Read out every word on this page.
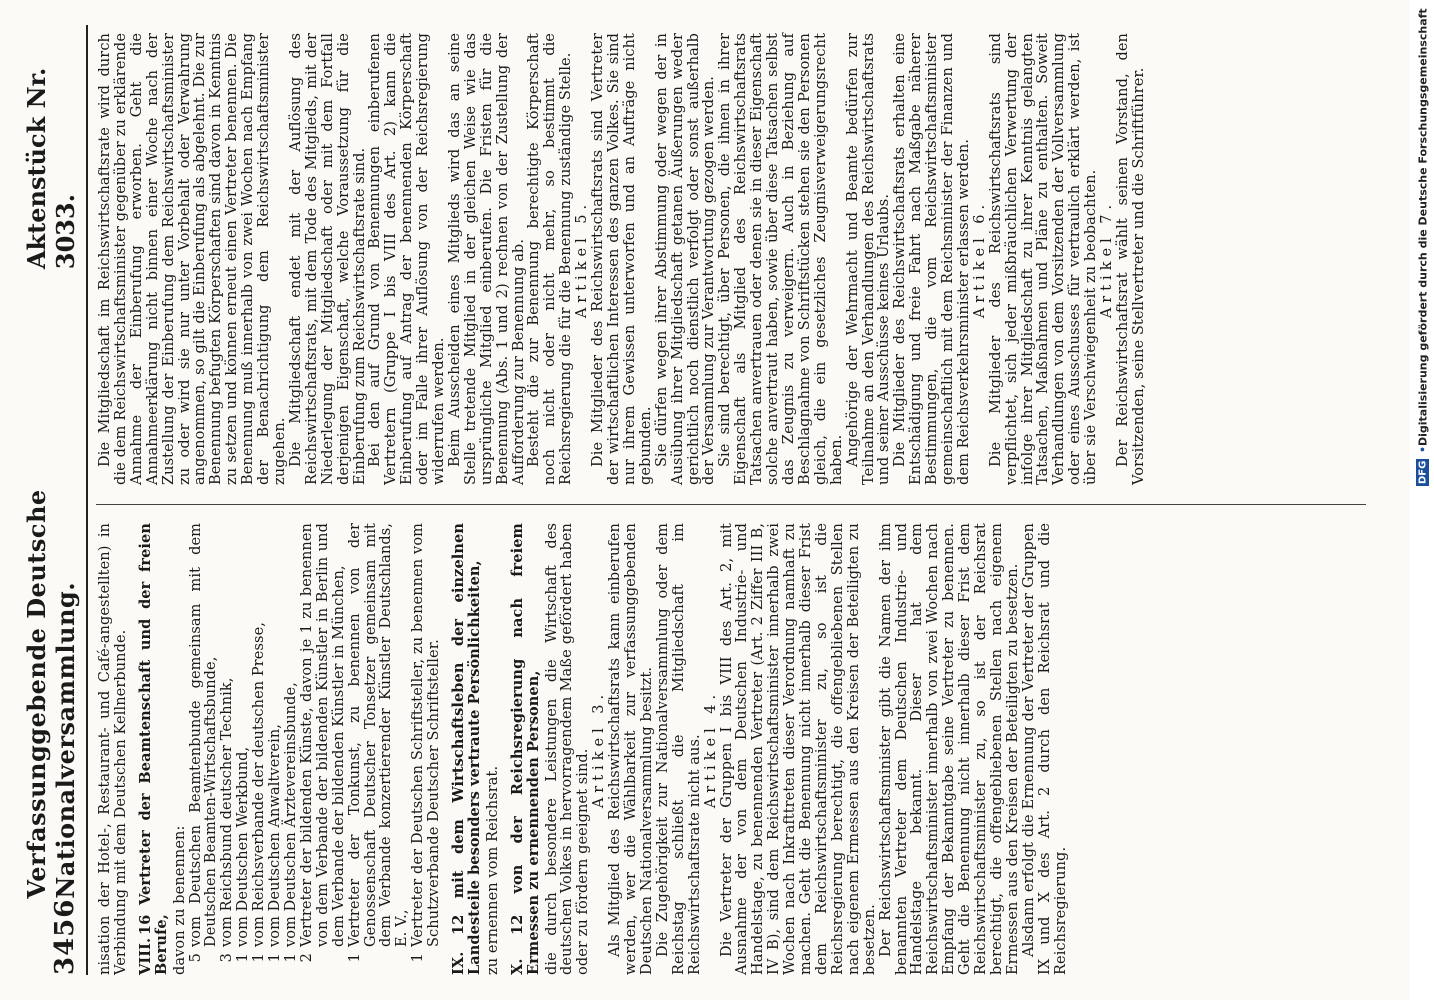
3456
Verfassunggebende Deutsche Nationalversammlung.
Aktenstück Nr. 3033.

nisation der Hotel-, Restaurant- und Café-angestellten) in Verbindung mit dem Deutschen Kellnerbunde. VIII.16 Vertreter der Beamtenschaft und der freien Berufe, davon zu benennen: 5
vom Deutschen Beamtenbunde gemeinsam mit dem Deutschen Beamten-Wirtschaftsbunde,
3
vom Reichsbund deutscher Technik,
1
vom Deutschen Werkbund,
1
vom Reichsverbande der deutschen Presse,
1
vom Deutschen Anwaltverein,
1
vom Deutschen Ärztevereinsbunde,
2
Vertreter der bildenden Künste, davon je 1 zu benennen von dem Verbande der bildenden Künstler in Berlin und dem Verbande der bildenden Künstler in München,
1
Vertreter der Tonkunst, zu benennen von der Genossenschaft Deutscher Tonsetzer gemeinsam mit dem Verbande konzertierender Künstler Deutschlands, E. V.,
1
Vertreter der Deutschen Schriftsteller, zu benennen vom Schutzverbande Deutscher Schriftsteller.

IX.12 mit dem Wirtschaftsleben der einzelnen Landesteile besonders vertraute Persönlichkeiten, zu ernennen vom Reichsrat. X.12 von der Reichsregierung nach freiem Ermessen zu ernennenden Personen, die durch besondere Leistungen die Wirtschaft des deutschen Volkes in hervorragendem Maße gefördert haben oder zu fördern geeignet sind. Artikel 3. Als Mitglied des Reichswirtschaftsrats kann einberufen werden, wer die Wählbarkeit zur verfassunggebenden Deutschen Nationalversammlung besitzt. Die Zugehörigkeit zur Nationalversammlung oder dem Reichstag schließt die Mitgliedschaft im Reichswirtschaftsrate nicht aus. Artikel 4. Die Vertreter der Gruppen I bis VIII des Art. 2, mit Ausnahme der von dem Deutschen Industrie- und Handelstage, zu benennenden Vertreter (Art. 2 Ziffer III B, IV B), sind dem Reichswirtschaftsminister innerhalb zwei Wochen nach Inkrafttreten dieser Verordnung namhaft zu machen. Geht die Benennung nicht innerhalb dieser Frist dem Reichswirtschaftsminister zu, so ist die Reichsregierung berechtigt, die offengebliebenen Stellen nach eigenem Ermessen aus den Kreisen der Beteiligten zu besetzen. Der Reichswirtschaftsminister gibt die Namen der ihm benannten Vertreter dem Deutschen Industrie- und Handelstage bekannt. Dieser hat dem Reichswirtschaftsminister innerhalb von zwei Wochen nach Empfang der Bekanntgabe seine Vertreter zu benennen. Geht die Benennung nicht innerhalb dieser Frist dem Reichswirtschaftsminister zu, so ist der Reichsrat berechtigt, die offengebliebenen Stellen nach eigenem Ermessen aus den Kreisen der Beteiligten zu besetzen. Alsdann erfolgt die Ernennung der Vertreter der Gruppen IX und X des Art. 2 durch den Reichsrat und die Reichsregierung.

Die Mitgliedschaft im Reichswirtschaftsrate wird durch die dem Reichswirtschaftsminister gegenüber zu erklärende Annahme der Einberufung erworben. Geht die Annahmeerklärung nicht binnen einer Woche nach der Zustellung der Einberufung dem Reichswirtschaftsminister zu oder wird sie nur unter Vorbehalt oder Verwahrung angenommen, so gilt die Einberufung als abgelehnt. Die zur Benennung befugten Körperschaften sind davon in Kenntnis zu setzen und können erneut einen Vertreter benennen. Die Benennung muß innerhalb von zwei Wochen nach Empfang der Benachrichtigung dem Reichswirtschaftsminister zugehen. Die Mitgliedschaft endet mit der Auflösung des Reichswirtschaftsrats, mit dem Tode des Mitglieds, mit der Niederlegung der Mitgliedschaft oder mit dem Fortfall derjenigen Eigenschaft, welche Voraussetzung für die Einberufung zum Reichswirtschaftsrate sind. Bei den auf Grund von Benennungen einberufenen Vertretern (Gruppe I bis VIII des Art. 2) kann die Einberufung auf Antrag der benennenden Körperschaft oder im Falle ihrer Auflösung von der Reichsregierung widerrufen werden. Beim Ausscheiden eines Mitglieds wird das an seine Stelle tretende Mitglied in der gleichen Weise wie das ursprüngliche Mitglied einberufen. Die Fristen für die Benennung (Abs. 1 und 2) rechnen von der Zustellung der Aufforderung zur Benennung ab. Besteht die zur Benennung berechtigte Körperschaft noch nicht oder nicht mehr, so bestimmt die Reichsregierung die für die Benennung zuständige Stelle. Artikel 5. Die Mitglieder des Reichswirtschaftsrats sind Vertreter der wirtschaftlichen Interessen des ganzen Volkes. Sie sind nur ihrem Gewissen unterworfen und an Aufträge nicht gebunden. Sie dürfen wegen ihrer Abstimmung oder wegen der in Ausübung ihrer Mitgliedschaft getanen Äußerungen weder gerichtlich noch dienstlich verfolgt oder sonst außerhalb der Versammlung zur Verantwortung gezogen werden. Sie sind berechtigt, über Personen, die ihnen in ihrer Eigenschaft als Mitglied des Reichswirtschaftsrats Tatsachen anvertrauen oder denen sie in dieser Eigenschaft solche anvertraut haben, sowie über diese Tatsachen selbst das Zeugnis zu verweigern. Auch in Beziehung auf Beschlagnahme von Schriftstücken stehen sie den Personen gleich, die ein gesetzliches Zeugnisverweigerungsrecht haben. Angehörige der Wehrmacht und Beamte bedürfen zur Teilnahme an den Verhandlungen des Reichswirtschaftsrats und seiner Ausschüsse keines Urlaubs. Die Mitglieder des Reichswirtschaftsrats erhalten eine Entschädigung und freie Fahrt nach Maßgabe näherer Bestimmungen, die vom Reichswirtschaftsminister gemeinschaftlich mit dem Reichsminister der Finanzen und dem Reichsverkehrsminister erlassen werden. Artikel 6. Die Mitglieder des Reichswirtschaftsrats sind verpflichtet, sich jeder mißbräuchlichen Verwertung der infolge ihrer Mitgliedschaft zu ihrer Kenntnis gelangten Tatsachen, Maßnahmen und Pläne zu enthalten. Soweit Verhandlungen von dem Vorsitzenden der Vollversammlung oder eines Ausschusses für vertraulich erklärt werden, ist über sie Verschwiegenheit zu beobachten. Artikel 7. Der Reichswirtschaftsrat wählt seinen Vorstand, den Vorsitzenden, seine Stellvertreter und die Schriftführer.	DFG
•
Digitalisierung gefördert durch die Deutsche Forschungsgemeinschaft
